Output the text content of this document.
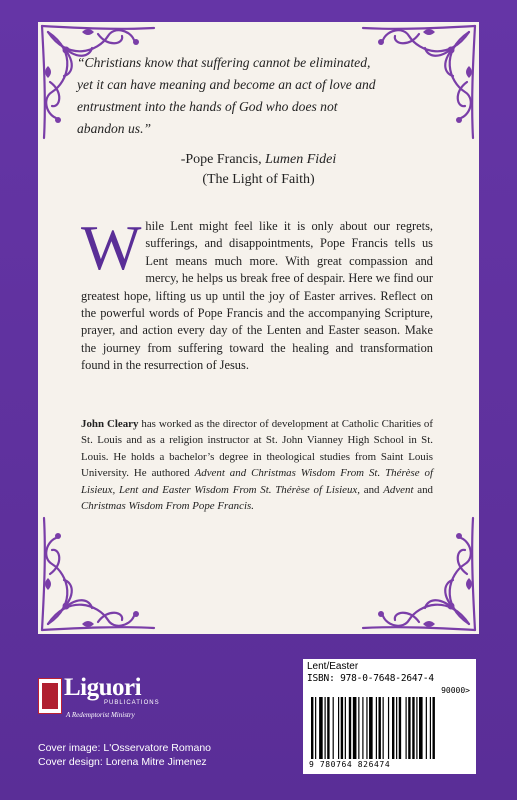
“Christians know that suffering cannot be eliminated, yet it can have meaning and become an act of love and entrustment into the hands of God who does not abandon us.”
-Pope Francis, Lumen Fidei
(The Light of Faith)
While Lent might feel like it is only about our regrets, sufferings, and disappointments, Pope Francis tells us Lent means much more. With great compassion and mercy, he helps us break free of despair. Here we find our greatest hope, lifting us up until the joy of Easter arrives. Reflect on the powerful words of Pope Francis and the accompanying Scripture, prayer, and action every day of the Lenten and Easter season. Make the journey from suffering toward the healing and transformation found in the resurrection of Jesus.
John Cleary has worked as the director of development at Catholic Charities of St. Louis and as a religion instructor at St. John Vianney High School in St. Louis. He holds a bachelor’s degree in theological studies from Saint Louis University. He authored Advent and Christmas Wisdom From St. Thérèse of Lisieux, Lent and Easter Wisdom From St. Thérèse of Lisieux, and Advent and Christmas Wisdom From Pope Francis.
Liguori
PUBLICATIONS
A Redemptorist Ministry
Cover image: L'Osservatore Romano
Cover design: Lorena Mitre Jimenez
Lent/Easter
ISBN: 978-0-7648-2647-4
90000>
9 780764 826474
